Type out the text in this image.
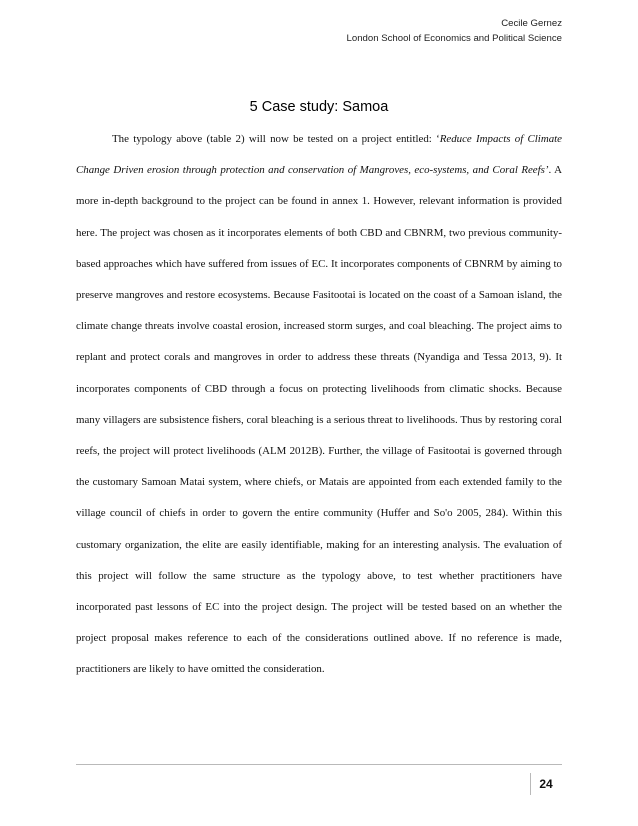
Cecile Gernez
London School of Economics and Political Science
5 Case study: Samoa

The typology above (table 2) will now be tested on a project entitled: ‘Reduce Impacts of Climate Change Driven erosion through protection and conservation of Mangroves, eco-systems, and Coral Reefs’. A more in-depth background to the project can be found in annex 1. However, relevant information is provided here. The project was chosen as it incorporates elements of both CBD and CBNRM, two previous community-based approaches which have suffered from issues of EC. It incorporates components of CBNRM by aiming to preserve mangroves and restore ecosystems. Because Fasitootai is located on the coast of a Samoan island, the climate change threats involve coastal erosion, increased storm surges, and coal bleaching. The project aims to replant and protect corals and mangroves in order to address these threats (Nyandiga and Tessa 2013, 9). It incorporates components of CBD through a focus on protecting livelihoods from climatic shocks. Because many villagers are subsistence fishers, coral bleaching is a serious threat to livelihoods. Thus by restoring coral reefs, the project will protect livelihoods (ALM 2012B). Further, the village of Fasitootai is governed through the customary Samoan Matai system, where chiefs, or Matais are appointed from each extended family to the village council of chiefs in order to govern the entire community (Huffer and So'o 2005, 284). Within this customary organization, the elite are easily identifiable, making for an interesting analysis. The evaluation of this project will follow the same structure as the typology above, to test whether practitioners have incorporated past lessons of EC into the project design. The project will be tested based on an whether the project proposal makes reference to each of the considerations outlined above. If no reference is made, practitioners are likely to have omitted the consideration.

24
